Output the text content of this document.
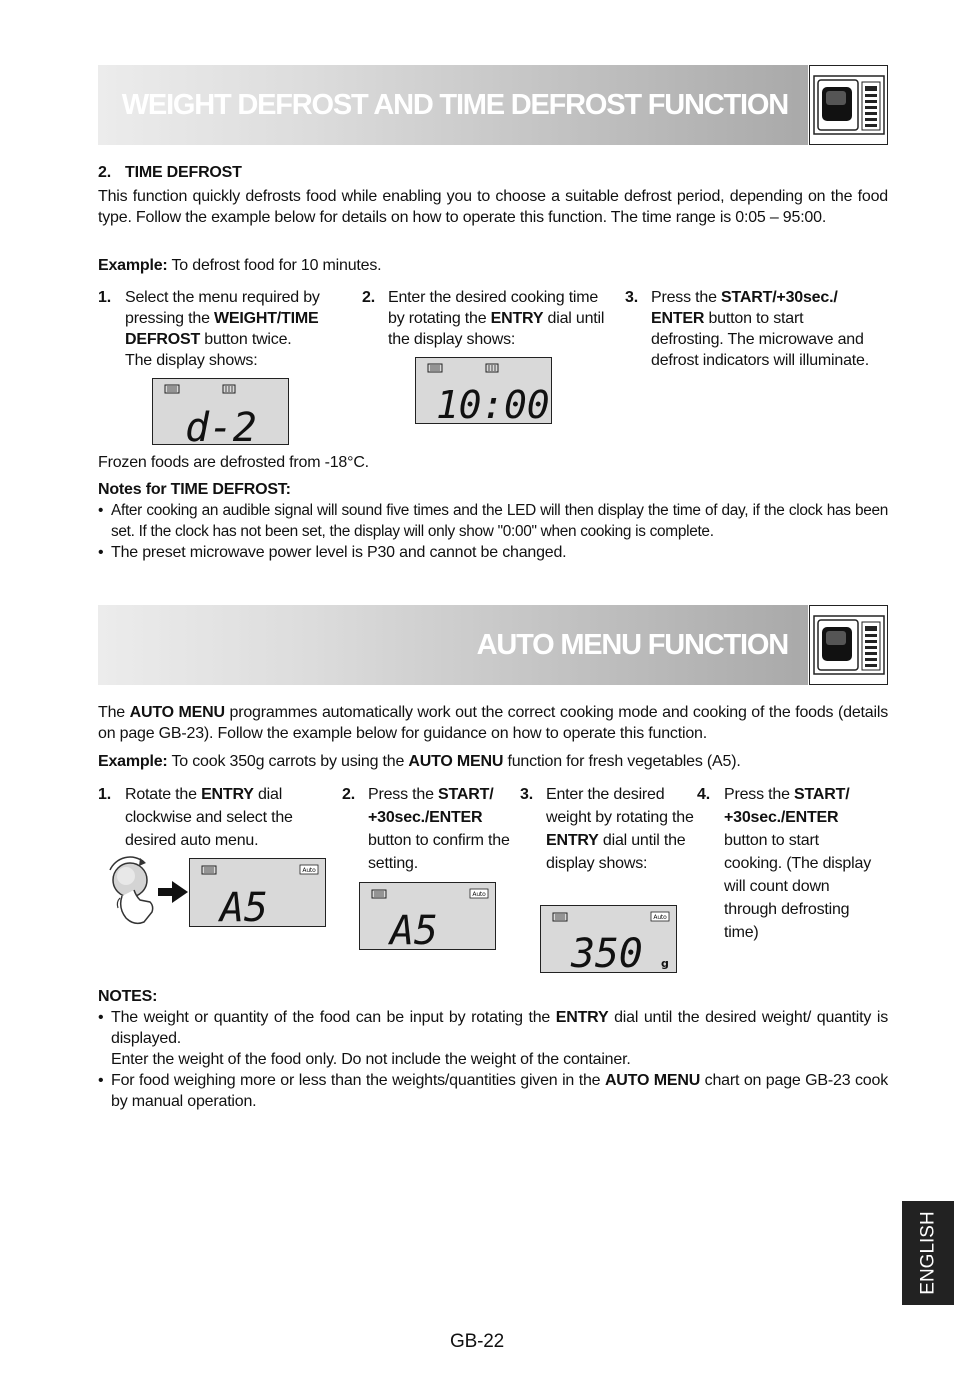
WEIGHT DEFROST AND TIME DEFROST FUNCTION
2. TIME DEFROST
This function quickly defrosts food while enabling you to choose a suitable defrost period, depending on the food type. Follow the example below for details on how to operate this function. The time range is 0:05 – 95:00.
Example: To defrost food for 10 minutes.
1. Select the menu required by pressing the WEIGHT/TIME DEFROST button twice.
The display shows:
d-2
2. Enter the desired cooking time by rotating the ENTRY dial until the display shows:
10:00
3. Press the START/+30sec./ ENTER button to start defrosting. The microwave and defrost indicators will illuminate.
Frozen foods are defrosted from -18°C.
Notes for TIME DEFROST:
• After cooking an audible signal will sound five times and the LED will then display the time of day, if the clock has been set. If the clock has not been set, the display will only show "0:00" when cooking is complete.
• The preset microwave power level is P30 and cannot be changed.
AUTO MENU FUNCTION
The AUTO MENU programmes automatically work out the correct cooking mode and cooking of the foods (details on page GB-23). Follow the example below for guidance on how to operate this function.
Example: To cook 350g carrots by using the AUTO MENU function for fresh vegetables (A5).
1. Rotate the ENTRY dial clockwise and select the desired auto menu.
Auto
A5
2. Press the START/ +30sec./ENTER button to confirm the setting.
Auto
A5
3. Enter the desired weight by rotating the ENTRY dial until the display shows:
Auto
350 g
4. Press the START/ +30sec./ENTER button to start cooking. (The display will count down through defrosting time)
NOTES:
• The weight or quantity of the food can be input by rotating the ENTRY dial until the desired weight/ quantity is displayed.
Enter the weight of the food only. Do not include the weight of the container.
• For food weighing more or less than the weights/quantities given in the AUTO MENU chart on page GB-23 cook by manual operation.
ENGLISH
GB-22
